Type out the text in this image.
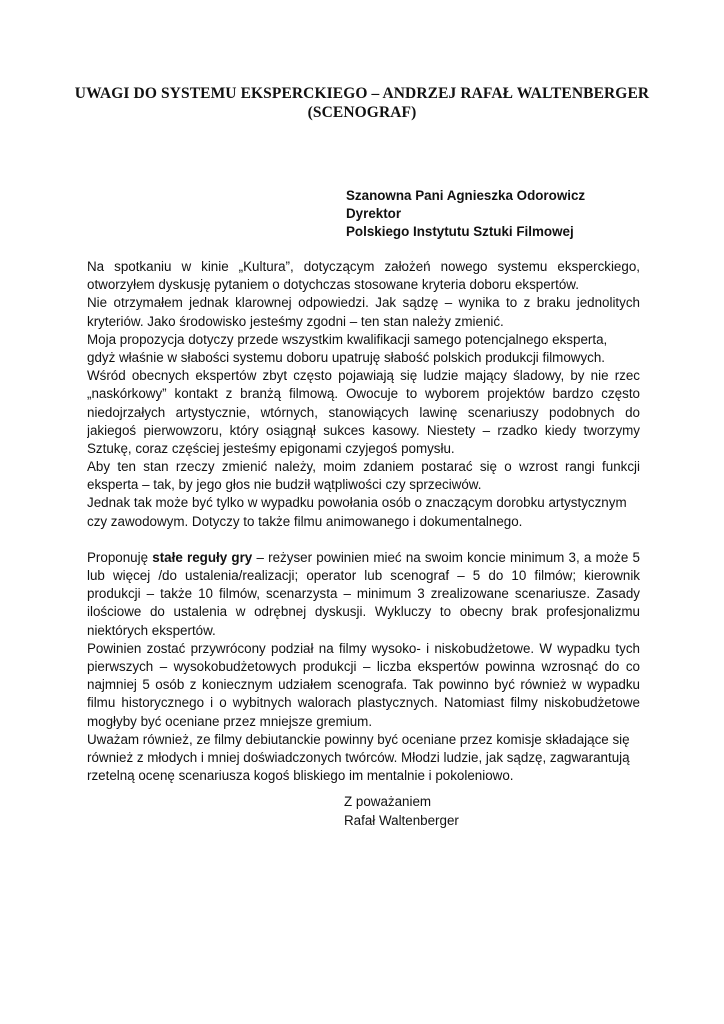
UWAGI DO SYSTEMU EKSPERCKIEGO – ANDRZEJ RAFAŁ WALTENBERGER
(SCENOGRAF)
Szanowna Pani Agnieszka Odorowicz
Dyrektor
Polskiego Instytutu Sztuki Filmowej
Na spotkaniu w kinie „Kultura”, dotyczącym założeń nowego systemu eksperckiego,
otworzyłem dyskusję pytaniem o dotychczas stosowane kryteria doboru ekspertów.
Nie otrzymałem jednak klarownej odpowiedzi. Jak sądzę – wynika to z braku jednolitych
kryteriów. Jako środowisko jesteśmy zgodni – ten stan należy zmienić.
Moja propozycja dotyczy przede wszystkim kwalifikacji samego potencjalnego eksperta,
gdyż właśnie w słabości systemu doboru upatruję słabość polskich produkcji filmowych.
Wśród obecnych ekspertów zbyt często pojawiają się ludzie mający śladowy, by nie rzec
„naskórkowy” kontakt z branżą filmową. Owocuje to wyborem projektów bardzo często
niedojrzałych artystycznie, wtórnych, stanowiących lawinę scenariuszy podobnych do
jakiegoś pierwowzoru, który osiągnął sukces kasowy. Niestety – rzadko kiedy tworzymy
Sztukę, coraz częściej jesteśmy epigonami czyjegoś pomysłu.
Aby ten stan rzeczy zmienić należy, moim zdaniem postarać się o wzrost rangi funkcji
eksperta – tak, by jego głos nie budził wątpliwości czy sprzeciwów.
Jednak tak może być tylko w wypadku powołania osób o znaczącym dorobku artystycznym
czy zawodowym. Dotyczy to także filmu animowanego i dokumentalnego.
Proponuję stałe reguły gry – reżyser powinien mieć na swoim koncie minimum 3, a może 5
lub więcej /do ustalenia/realizacji; operator lub scenograf – 5 do 10 filmów; kierownik
produkcji – także 10 filmów, scenarzysta – minimum 3 zrealizowane scenariusze. Zasady
ilościowe do ustalenia w odrębnej dyskusji. Wykluczy to obecny brak profesjonalizmu
niektórych ekspertów.
Powinien zostać przywrócony podział na filmy wysoko- i niskobudżetowe. W wypadku tych
pierwszych – wysokobudżetowych produkcji – liczba ekspertów powinna wzrosnąć do co
najmniej 5 osób z koniecznym udziałem scenografa. Tak powinno być również w wypadku
filmu historycznego i o wybitnych walorach plastycznych. Natomiast filmy niskobudżetowe
mogłyby być oceniane przez mniejsze gremium.
Uważam również, ze filmy debiutanckie powinny być oceniane przez komisje składające się
również z młodych i mniej doświadczonych twórców. Młodzi ludzie, jak sądzę, zagwarantują
rzetelną ocenę scenariusza kogoś bliskiego im mentalnie i pokoleniowo.
Z poważaniem
Rafał Waltenberger
